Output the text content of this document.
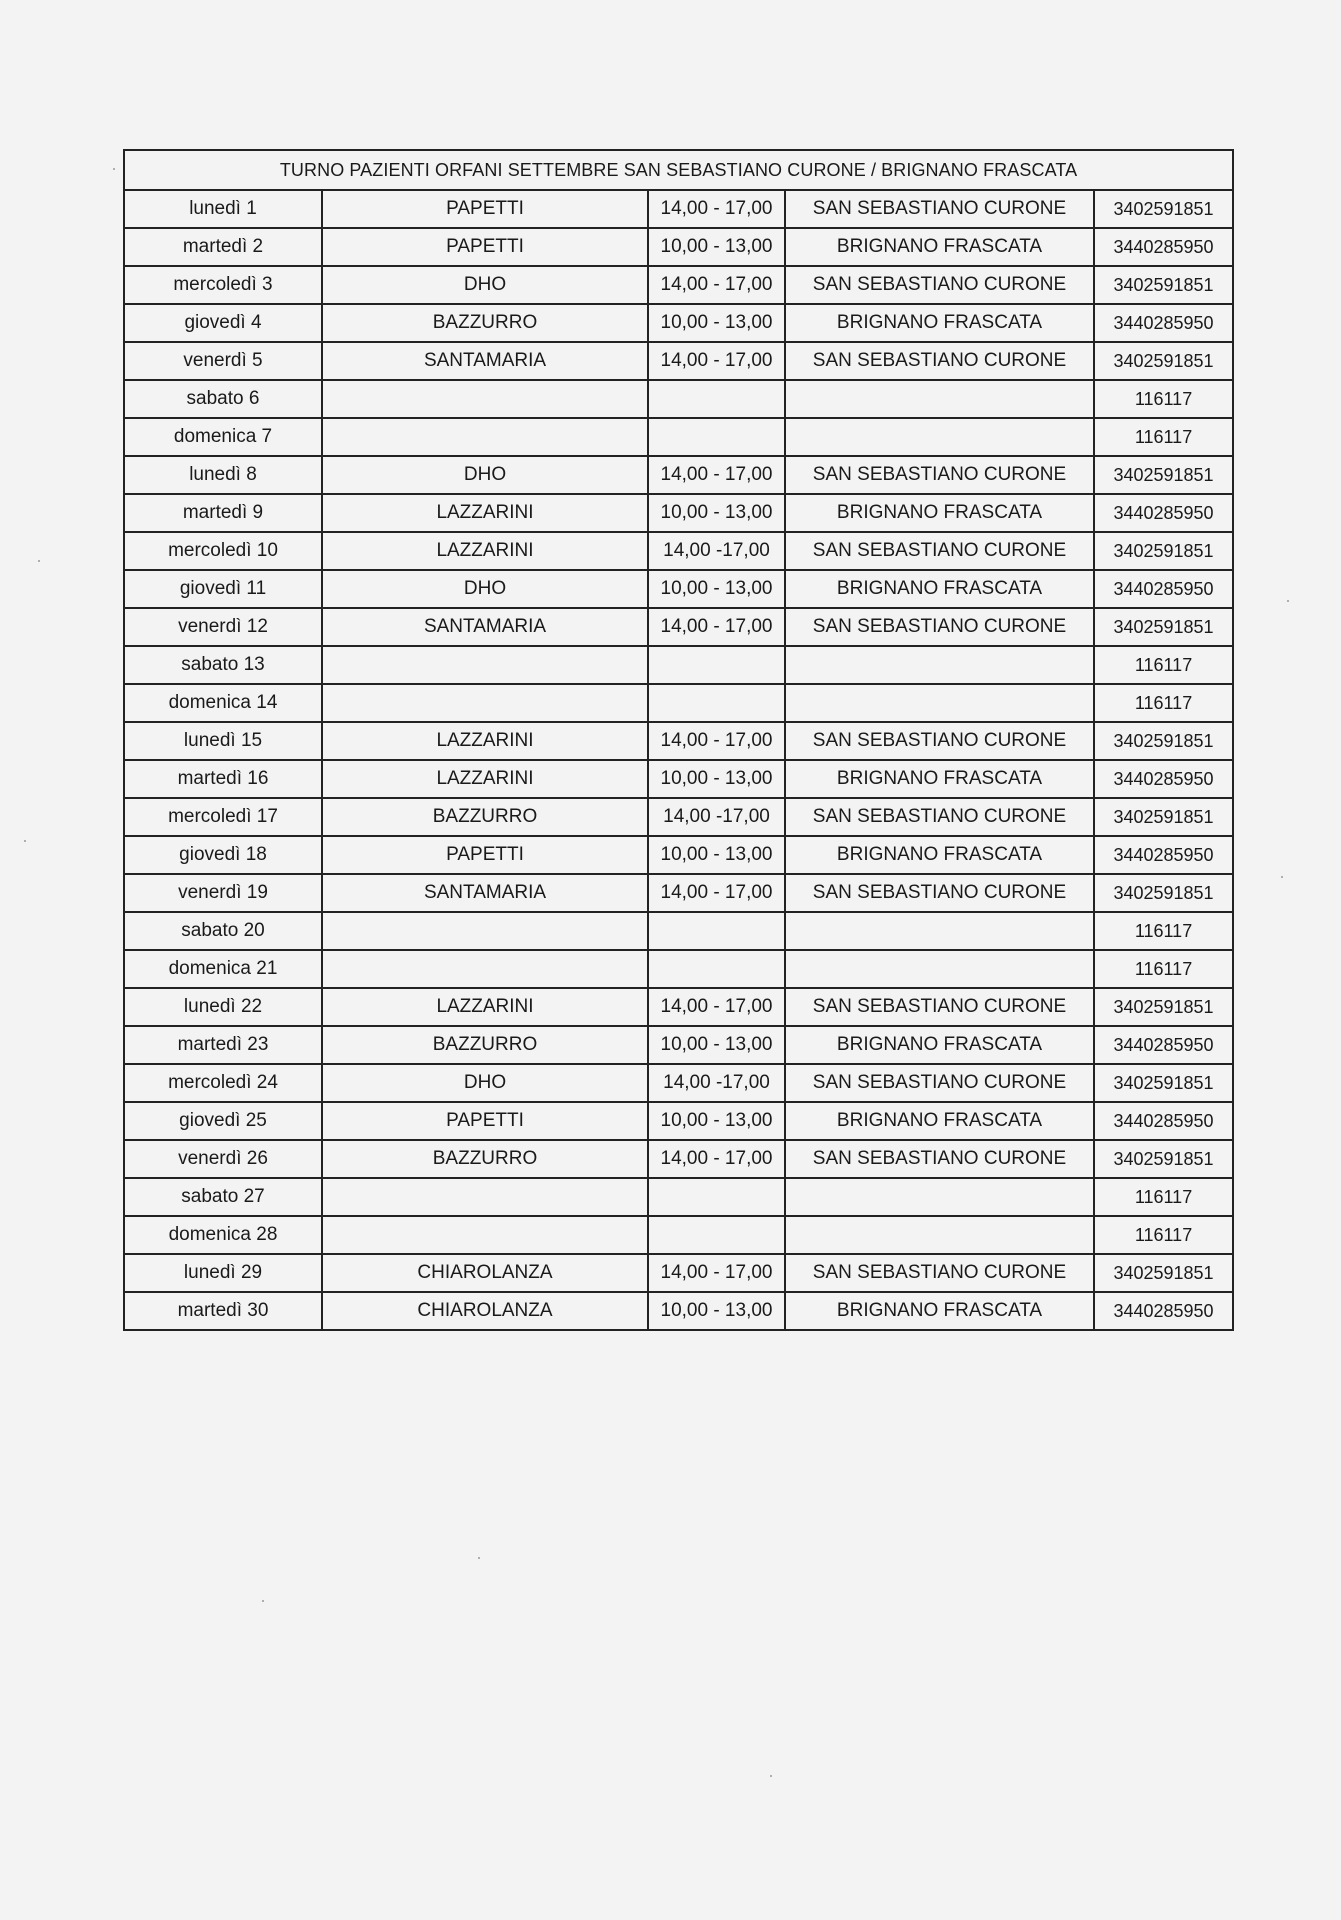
TURNO PAZIENTI ORFANI SETTEMBRE SAN SEBASTIANO CURONE / BRIGNANO FRASCATA				
lunedì 1	PAPETTI	14,00 - 17,00	SAN SEBASTIANO CURONE	3402591851
martedì 2	PAPETTI	10,00 - 13,00	BRIGNANO FRASCATA	3440285950
mercoledì 3	DHO	14,00 - 17,00	SAN SEBASTIANO CURONE	3402591851
giovedì 4	BAZZURRO	10,00 - 13,00	BRIGNANO FRASCATA	3440285950
venerdì 5	SANTAMARIA	14,00 - 17,00	SAN SEBASTIANO CURONE	3402591851
sabato 6				116117
domenica 7				116117
lunedì 8	DHO	14,00 - 17,00	SAN SEBASTIANO CURONE	3402591851
martedì 9	LAZZARINI	10,00 - 13,00	BRIGNANO FRASCATA	3440285950
mercoledì 10	LAZZARINI	14,00 -17,00	SAN SEBASTIANO CURONE	3402591851
giovedì 11	DHO	10,00 - 13,00	BRIGNANO FRASCATA	3440285950
venerdì 12	SANTAMARIA	14,00 - 17,00	SAN SEBASTIANO CURONE	3402591851
sabato 13				116117
domenica 14				116117
lunedì 15	LAZZARINI	14,00 - 17,00	SAN SEBASTIANO CURONE	3402591851
martedì 16	LAZZARINI	10,00 - 13,00	BRIGNANO FRASCATA	3440285950
mercoledì 17	BAZZURRO	14,00 -17,00	SAN SEBASTIANO CURONE	3402591851
giovedì 18	PAPETTI	10,00 - 13,00	BRIGNANO FRASCATA	3440285950
venerdì 19	SANTAMARIA	14,00 - 17,00	SAN SEBASTIANO CURONE	3402591851
sabato 20				116117
domenica 21				116117
lunedì 22	LAZZARINI	14,00 - 17,00	SAN SEBASTIANO CURONE	3402591851
martedì 23	BAZZURRO	10,00 - 13,00	BRIGNANO FRASCATA	3440285950
mercoledì 24	DHO	14,00 -17,00	SAN SEBASTIANO CURONE	3402591851
giovedì 25	PAPETTI	10,00 - 13,00	BRIGNANO FRASCATA	3440285950
venerdì 26	BAZZURRO	14,00 - 17,00	SAN SEBASTIANO CURONE	3402591851
sabato 27				116117
domenica 28				116117
lunedì 29	CHIAROLANZA	14,00 - 17,00	SAN SEBASTIANO CURONE	3402591851
martedì 30	CHIAROLANZA	10,00 - 13,00	BRIGNANO FRASCATA	3440285950
